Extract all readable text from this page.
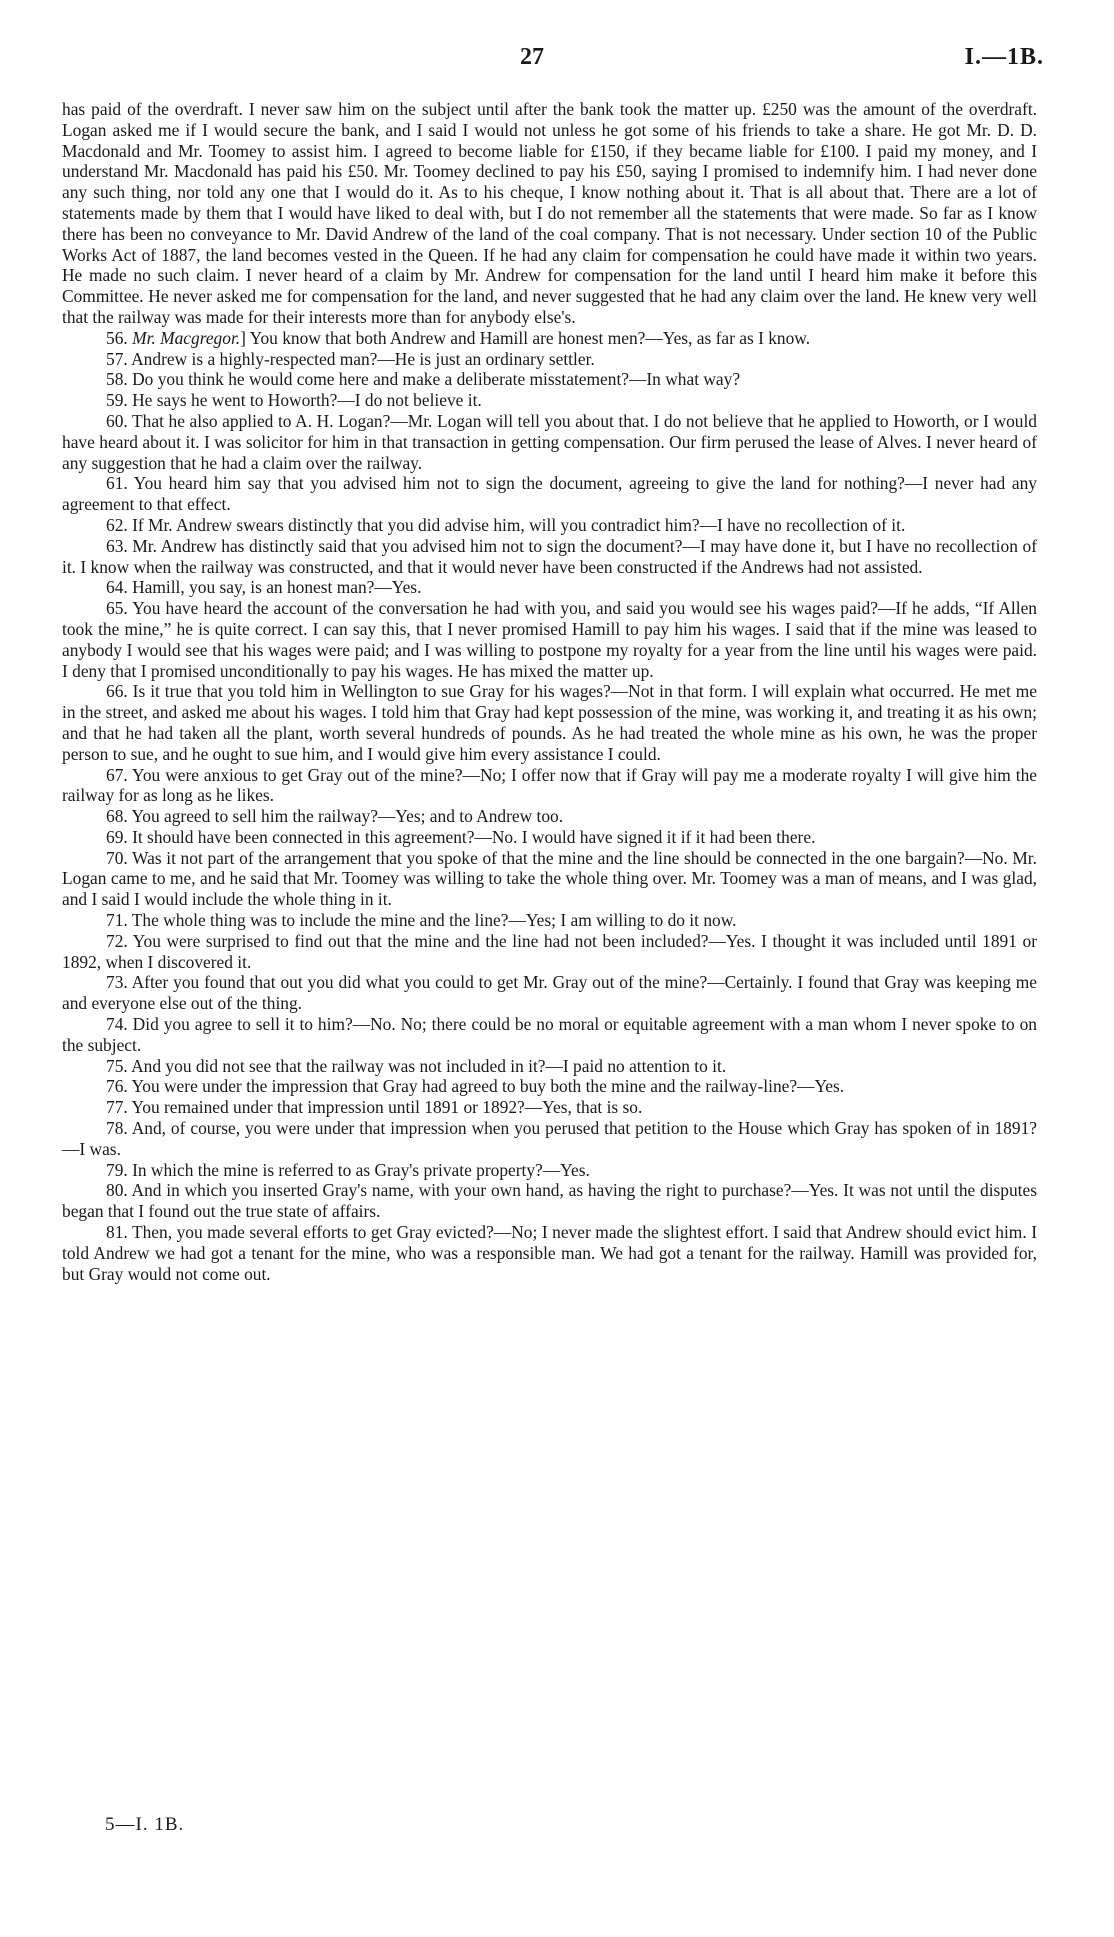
27	I.—1B.

has paid of the overdraft. I never saw him on the subject until after the bank took the matter up. £250 was the amount of the overdraft. Logan asked me if I would secure the bank, and I said I would not unless he got some of his friends to take a share. He got Mr. D. D. Macdonald and Mr. Toomey to assist him. I agreed to become liable for £150, if they became liable for £100. I paid my money, and I understand Mr. Macdonald has paid his £50. Mr. Toomey declined to pay his £50, saying I promised to indemnify him. I had never done any such thing, nor told any one that I would do it. As to his cheque, I know nothing about it. That is all about that. There are a lot of statements made by them that I would have liked to deal with, but I do not remember all the statements that were made. So far as I know there has been no conveyance to Mr. David Andrew of the land of the coal company. That is not necessary. Under section 10 of the Public Works Act of 1887, the land becomes vested in the Queen. If he had any claim for compensation he could have made it within two years. He made no such claim. I never heard of a claim by Mr. Andrew for compensation for the land until I heard him make it before this Committee. He never asked me for compensation for the land, and never suggested that he had any claim over the land. He knew very well that the railway was made for their interests more than for anybody else's.

56. Mr. Macgregor.] You know that both Andrew and Hamill are honest men?—Yes, as far as I know.

57. Andrew is a highly-respected man?—He is just an ordinary settler.

58. Do you think he would come here and make a deliberate misstatement?—In what way?

59. He says he went to Howorth?—I do not believe it.

60. That he also applied to A. H. Logan?—Mr. Logan will tell you about that. I do not believe that he applied to Howorth, or I would have heard about it. I was solicitor for him in that transaction in getting compensation. Our firm perused the lease of Alves. I never heard of any suggestion that he had a claim over the railway.

61. You heard him say that you advised him not to sign the document, agreeing to give the land for nothing?—I never had any agreement to that effect.

62. If Mr. Andrew swears distinctly that you did advise him, will you contradict him?—I have no recollection of it.

63. Mr. Andrew has distinctly said that you advised him not to sign the document?—I may have done it, but I have no recollection of it. I know when the railway was constructed, and that it would never have been constructed if the Andrews had not assisted.

64. Hamill, you say, is an honest man?—Yes.

65. You have heard the account of the conversation he had with you, and said you would see his wages paid?—If he adds, “If Allen took the mine,” he is quite correct. I can say this, that I never promised Hamill to pay him his wages. I said that if the mine was leased to anybody I would see that his wages were paid; and I was willing to postpone my royalty for a year from the line until his wages were paid. I deny that I promised unconditionally to pay his wages. He has mixed the matter up.

66. Is it true that you told him in Wellington to sue Gray for his wages?—Not in that form. I will explain what occurred. He met me in the street, and asked me about his wages. I told him that Gray had kept possession of the mine, was working it, and treating it as his own; and that he had taken all the plant, worth several hundreds of pounds. As he had treated the whole mine as his own, he was the proper person to sue, and he ought to sue him, and I would give him every assistance I could.

67. You were anxious to get Gray out of the mine?—No; I offer now that if Gray will pay me a moderate royalty I will give him the railway for as long as he likes.

68. You agreed to sell him the railway?—Yes; and to Andrew too.

69. It should have been connected in this agreement?—No. I would have signed it if it had been there.

70. Was it not part of the arrangement that you spoke of that the mine and the line should be connected in the one bargain?—No. Mr. Logan came to me, and he said that Mr. Toomey was willing to take the whole thing over. Mr. Toomey was a man of means, and I was glad, and I said I would include the whole thing in it.

71. The whole thing was to include the mine and the line?—Yes; I am willing to do it now.

72. You were surprised to find out that the mine and the line had not been included?—Yes. I thought it was included until 1891 or 1892, when I discovered it.

73. After you found that out you did what you could to get Mr. Gray out of the mine?—Certainly. I found that Gray was keeping me and everyone else out of the thing.

74. Did you agree to sell it to him?—No. No; there could be no moral or equitable agreement with a man whom I never spoke to on the subject.

75. And you did not see that the railway was not included in it?—I paid no attention to it.

76. You were under the impression that Gray had agreed to buy both the mine and the railway-line?—Yes.

77. You remained under that impression until 1891 or 1892?—Yes, that is so.

78. And, of course, you were under that impression when you perused that petition to the House which Gray has spoken of in 1891?—I was.

79. In which the mine is referred to as Gray's private property?—Yes.

80. And in which you inserted Gray's name, with your own hand, as having the right to purchase?—Yes. It was not until the disputes began that I found out the true state of affairs.

81. Then, you made several efforts to get Gray evicted?—No; I never made the slightest effort. I said that Andrew should evict him. I told Andrew we had got a tenant for the mine, who was a responsible man. We had got a tenant for the railway. Hamill was provided for, but Gray would not come out.

5—I. 1B.
